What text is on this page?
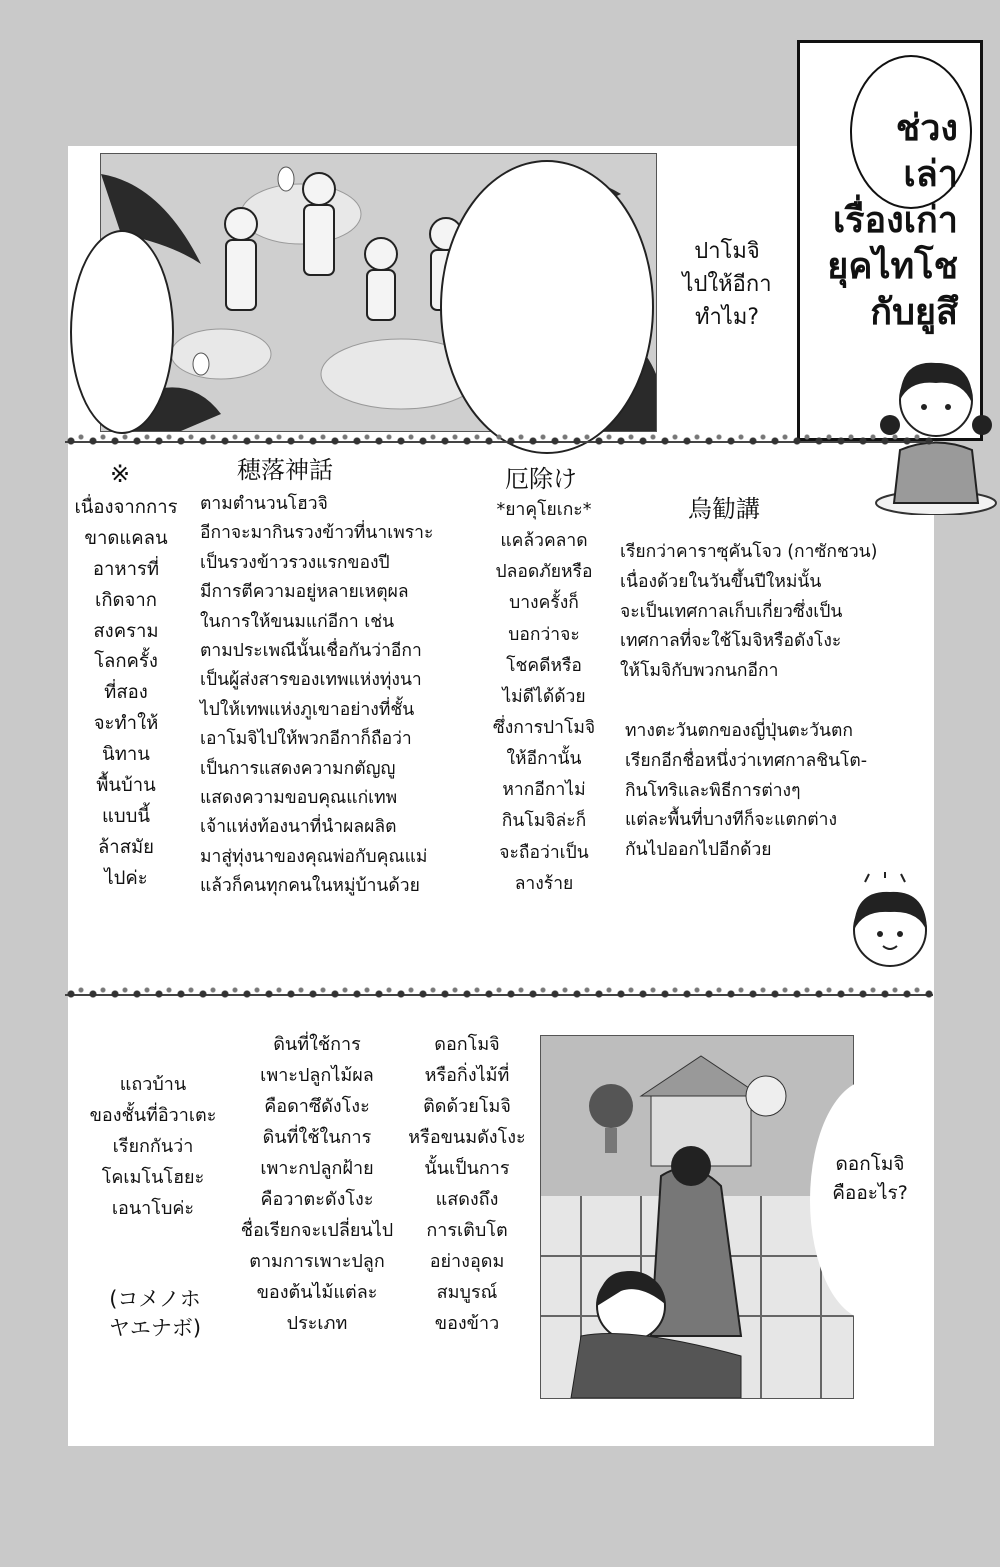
ปาโมจิ
ไปให้อีกา
ทำไม?
ช่วง
เล่า
เรื่องเก่า
ยุคไทโช
กับยูสึ
※
เนื่องจากการ
ขาดแคลน
อาหารที่
เกิดจาก
สงคราม
โลกครั้ง
ที่สอง
จะทำให้
นิทาน
พื้นบ้าน
แบบนี้
ล้าสมัย
ไปค่ะ
穂落神話
ตามตำนวนโฮวจิ
อีกาจะมากินรวงข้าวที่นาเพราะ
เป็นรวงข้าวรวงแรกของปี
มีการตีความอยู่หลายเหตุผล
ในการให้ขนมแก่อีกา เช่น
ตามประเพณีนั้นเชื่อกันว่าอีกา
เป็นผู้ส่งสารของเทพแห่งทุ่งนา
ไปให้เทพแห่งภูเขาอย่างที่ชั้น
เอาโมจิไปให้พวกอีกาก็ถือว่า
เป็นการแสดงความกตัญญู
แสดงความขอบคุณแก่เทพ
เจ้าแห่งท้องนาที่นำผลผลิต
มาสู่ทุ่งนาของคุณพ่อกับคุณแม่
แล้วก็คนทุกคนในหมู่บ้านด้วย
厄除け
*ยาคุโยเกะ*
แคล้วคลาด
ปลอดภัยหรือ
บางครั้งก็
บอกว่าจะ
โชคดีหรือ
ไม่ดีได้ด้วย
ซึ่งการปาโมจิ
ให้อีกานั้น
หากอีกาไม่
กินโมจิล่ะก็
จะถือว่าเป็น
ลางร้าย
烏勧講
เรียกว่าคาราซุคันโจว (กาซักชวน)
เนื่องด้วยในวันขึ้นปีใหม่นั้น
จะเป็นเทศกาลเก็บเกี่ยวซึ่งเป็น
เทศกาลที่จะใช้โมจิหรือดังโงะ
ให้โมจิกับพวกนกอีกา
ทางตะวันตกของญี่ปุ่นตะวันตก
เรียกอีกชื่อหนึ่งว่าเทศกาลชินโต-
กินโทริและพิธีการต่างๆ
แต่ละพื้นที่บางทีก็จะแตกต่าง
กันไปออกไปอีกด้วย
แถวบ้าน
ของชั้นที่อิวาเตะ
เรียกกันว่า
โคเมโนโฮยะ
เอนาโบค่ะ
(コメノホ
ヤエナボ)
ดินที่ใช้การ
เพาะปลูกไม้ผล
คือดาซึดังโงะ
ดินที่ใช้ในการ
เพาะกปลูกฝ้าย
คือวาตะดังโงะ
ชื่อเรียกจะเปลี่ยนไป
ตามการเพาะปลูก
ของต้นไม้แต่ละ
ประเภท
ดอกโมจิ
หรือกิ่งไม้ที่
ติดด้วยโมจิ
หรือขนมดังโงะ
นั้นเป็นการ
แสดงถึง
การเติบโต
อย่างอุดม
สมบูรณ์
ของข้าว
ดอกโมจิ
คืออะไร?
